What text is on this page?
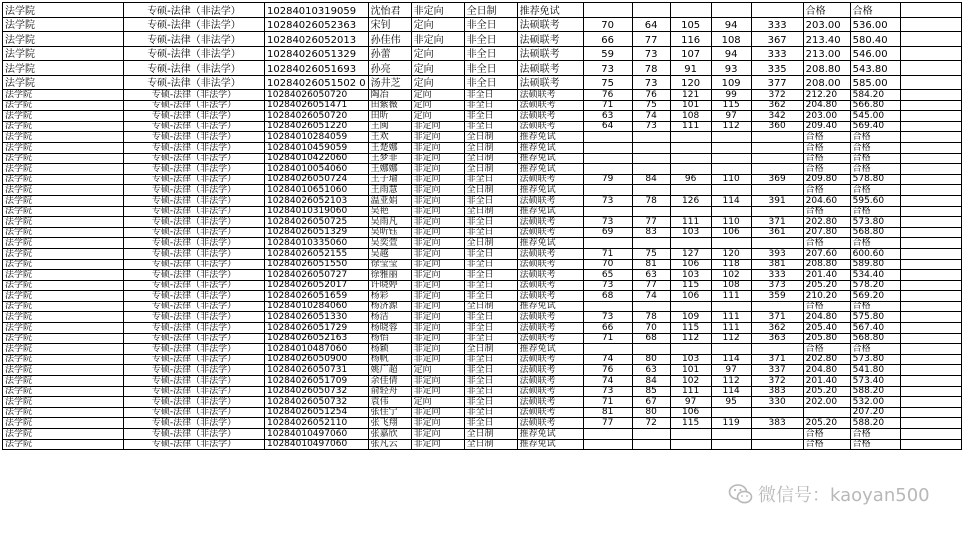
法学院	专硕-法律（非法学）	10284010319059	沈怡君	非定向	全日制	推荐免试						合格	合格	
法学院	专硕-法律（非法学）	10284026052363	宋钊	定向	非全日	法硕联考	70	64	105	94	333	203.00	536.00	
法学院	专硕-法律（非法学）	10284026052013	孙佳伟	非定向	非全日	法硕联考	66	77	116	108	367	213.40	580.40	
法学院	专硕-法律（非法学）	10284026051329	孙蕾	定向	非全日	法硕联考	59	73	107	94	333	213.00	546.00	
法学院	专硕-法律（非法学）	10284026051693	孙亮	定向	非全日	法硕联考	73	78	91	93	335	208.80	543.80	
法学院	专硕-法律（非法学）	10284026051502 0	汤井芝	定向	非全日	法硕联考	75	73	120	109	377	208.00	585.00	
法学院	专硕-法律（非法学）	10284026050720	陶冶	定向	非全日	法硕联考	76	76	121	99	372	212.20	584.20	
法学院	专硕-法律（非法学）	10284026051471	田紫薇	定向	非全日	法硕联考	71	75	101	115	362	204.80	566.80	
法学院	专硕-法律（非法学）	10284026050720	田昕	定向	非全日	法硕联考	63	74	108	97	342	203.00	545.00	
法学院	专硕-法律（非法学）	10284026051220	王闽	非定向	非全日	法硕联考	64	73	111	112	360	209.40	569.40	
法学院	专硕-法律（非法学）	10284010284059	王欢	非定向	全日制	推荐免试						合格	合格	
法学院	专硕-法律（非法学）	10284010459059	王楚娜	非定向	全日制	推荐免试						合格	合格	
法学院	专硕-法律（非法学）	10284010422060	王梦菲	非定向	全日制	推荐免试						合格	合格	
法学院	专硕-法律（非法学）	10284010054060	王娜娜	非定向	全日制	推荐免试						合格	合格	
法学院	专硕-法律（非法学）	10284026050724	王子瑜	非定向	非全日	法硕联考	79	84	96	110	369	209.80	578.80	
法学院	专硕-法律（非法学）	10284010651060	王雨慧	非定向	全日制	推荐免试						合格	合格	
法学院	专硕-法律（非法学）	10284026052103	温亚娟	非定向	非全日	法硕联考	73	78	126	114	391	204.60	595.60	
法学院	专硕-法律（非法学）	10284010319060	吴艳	非定向	全日制	推荐免试						合格	合格	
法学院	专硕-法律（非法学）	10284026050725	吴雨凡	非定向	非全日	法硕联考	73	77	111	110	371	202.80	573.80	
法学院	专硕-法律（非法学）	10284026051329	吴昕钰	非定向	非全日	法硕联考	69	83	103	106	361	207.80	568.80	
法学院	专硕-法律（非法学）	10284010335060	吴奕萱	非定向	全日制	推荐免试						合格	合格	
法学院	专硕-法律（非法学）	10284026052155	吴越	非定向	非全日	法硕联考	71	75	127	120	393	207.60	600.60	
法学院	专硕-法律（非法学）	10284026051550	徐莹莹	非定向	非全日	法硕联考	70	81	106	118	381	208.80	589.80	
法学院	专硕-法律（非法学）	10284026050727	徐雅丽	非定向	非全日	法硕联考	65	63	103	102	333	201.40	534.40	
法学院	专硕-法律（非法学）	10284026052017	许晓婷	非定向	非全日	法硕联考	73	77	115	108	373	205.20	578.20	
法学院	专硕-法律（非法学）	10284026051659	杨彩	非定向	非全日	法硕联考	68	74	106	111	359	210.20	569.20	
法学院	专硕-法律（非法学）	10284010284060	杨济源	非定向	全日制	推荐免试						合格	合格	
法学院	专硕-法律（非法学）	10284026051330	杨洁	非定向	非全日	法硕联考	73	78	109	111	371	204.80	575.80	
法学院	专硕-法律（非法学）	10284026051729	杨晓蓉	非定向	非全日	法硕联考	66	70	115	111	362	205.40	567.40	
法学院	专硕-法律（非法学）	10284026052163	杨怡	非定向	非全日	法硕联考	71	68	112	112	363	205.80	568.80	
法学院	专硕-法律（非法学）	10284010487060	杨颖	非定向	全日制	推荐免试						合格	合格	
法学院	专硕-法律（非法学）	10284026050900	杨帆	非定向	非全日	法硕联考	74	80	103	114	371	202.80	573.80	
法学院	专硕-法律（非法学）	10284026050731	姚广超	定向	非全日	法硕联考	76	63	101	97	337	204.80	541.80	
法学院	专硕-法律（非法学）	10284026051709	余佳倩	非定向	非全日	法硕联考	74	84	102	112	372	201.40	573.40	
法学院	专硕-法律（非法学）	10284026050732	俞轻舟	非定向	非全日	法硕联考	73	85	111	114	383	205.20	588.20	
法学院	专硕-法律（非法学）	10284026050732	袁伟	定向	非全日	法硕联考	71	67	97	95	330	202.00	532.00	
法学院	专硕-法律（非法学）	10284026051254	张佳宁	非定向	非全日	法硕联考	81	80	106				207.20	
法学院	专硕-法律（非法学）	10284026052110	张飞翔	非定向	非全日	法硕联考	77	72	115	119	383	205.20	588.20	
法学院	专硕-法律（非法学）	10284010497060	张嘉欣	非定向	全日制	推荐免试						合格	合格	
法学院	专硕-法律（非法学）	10284010497060	张凡云	非定向	全日制	推荐免试						合格	合格	
微信号：kaoyan500
